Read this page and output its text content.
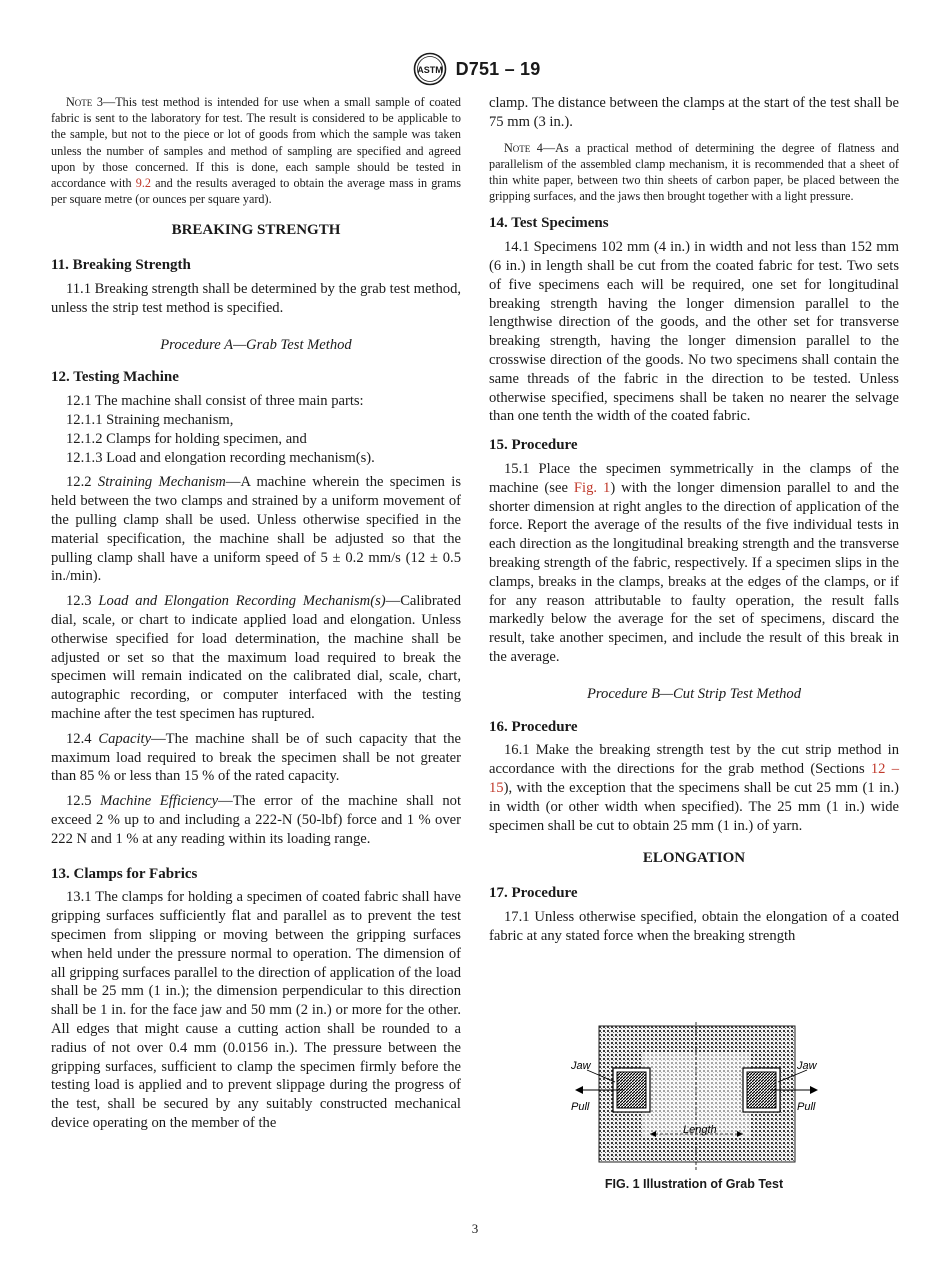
ASTM D751 – 19

Note 3—This test method is intended for use when a small sample of coated fabric is sent to the laboratory for test. The result is considered to be applicable to the sample, but not to the piece or lot of goods from which the sample was taken unless the number of samples and method of sampling are specified and agreed upon by those concerned. If this is done, each sample should be tested in accordance with 9.2 and the results averaged to obtain the average mass in grams per square metre (or ounces per square yard).

BREAKING STRENGTH
11. Breaking Strength

11.1 Breaking strength shall be determined by the grab test method, unless the strip test method is specified.

Procedure A—Grab Test Method
12. Testing Machine

12.1 The machine shall consist of three main parts:

12.1.1 Straining mechanism,

12.1.2 Clamps for holding specimen, and

12.1.3 Load and elongation recording mechanism(s).

12.2 Straining Mechanism—A machine wherein the specimen is held between the two clamps and strained by a uniform movement of the pulling clamp shall be used. Unless otherwise specified in the material specification, the machine shall be adjusted so that the pulling clamp shall have a uniform speed of 5 ± 0.2 mm/s (12 ± 0.5 in./min).

12.3 Load and Elongation Recording Mechanism(s)—Calibrated dial, scale, or chart to indicate applied load and elongation. Unless otherwise specified for load determination, the machine shall be adjusted or set so that the maximum load required to break the specimen will remain indicated on the calibrated dial, scale, chart, autographic recording, or computer interfaced with the testing machine after the test specimen has ruptured.

12.4 Capacity—The machine shall be of such capacity that the maximum load required to break the specimen shall be not greater than 85 % or less than 15 % of the rated capacity.

12.5 Machine Efficiency—The error of the machine shall not exceed 2 % up to and including a 222-N (50-lbf) force and 1 % over 222 N and 1 % at any reading within its loading range.

13. Clamps for Fabrics

13.1 The clamps for holding a specimen of coated fabric shall have gripping surfaces sufficiently flat and parallel as to prevent the test specimen from slipping or moving between the gripping surfaces when held under the pressure normal to operation. The dimension of all gripping surfaces parallel to the direction of application of the load shall be 25 mm (1 in.); the dimension perpendicular to this direction shall be 1 in. for the face jaw and 50 mm (2 in.) or more for the other. All edges that might cause a cutting action shall be rounded to a radius of not over 0.4 mm (0.0156 in.). The pressure between the gripping surfaces, sufficient to clamp the specimen firmly before the testing load is applied and to prevent slippage during the progress of the test, shall be secured by any suitably constructed mechanical device operating on the member of the

clamp. The distance between the clamps at the start of the test shall be 75 mm (3 in.).

Note 4—As a practical method of determining the degree of flatness and parallelism of the assembled clamp mechanism, it is recommended that a sheet of thin white paper, between two thin sheets of carbon paper, be placed between the gripping surfaces, and the jaws then brought together with a light pressure.

14. Test Specimens

14.1 Specimens 102 mm (4 in.) in width and not less than 152 mm (6 in.) in length shall be cut from the coated fabric for test. Two sets of five specimens each will be required, one set for longitudinal breaking strength having the longer dimension parallel to the lengthwise direction of the goods, and the other set for transverse breaking strength, having the longer dimension parallel to the crosswise direction of the goods. No two specimens shall contain the same threads of the fabric in the direction to be tested. Unless otherwise specified, specimens shall be taken no nearer the selvage than one tenth the width of the coated fabric.

15. Procedure

15.1 Place the specimen symmetrically in the clamps of the machine (see Fig. 1) with the longer dimension parallel to and the shorter dimension at right angles to the direction of application of the force. Report the average of the results of the five individual tests in each direction as the longitudinal breaking strength and the transverse breaking strength of the fabric, respectively. If a specimen slips in the clamps, breaks in the clamps, breaks at the edges of the clamps, or if for any reason attributable to faulty operation, the result falls markedly below the average for the set of specimens, discard the result, take another specimen, and include the result of this break in the average.

Procedure B—Cut Strip Test Method
16. Procedure

16.1 Make the breaking strength test by the cut strip method in accordance with the directions for the grab method (Sections 12 – 15), with the exception that the specimens shall be cut 25 mm (1 in.) in width (or other width when specified). The 25 mm (1 in.) wide specimen shall be cut to obtain 25 mm (1 in.) of yarn.

ELONGATION
17. Procedure

17.1 Unless otherwise specified, obtain the elongation of a coated fabric at any stated force when the breaking strength

Jaw	Jaw
Pull	Pull
Length
FIG. 1 Illustration of Grab Test
3
